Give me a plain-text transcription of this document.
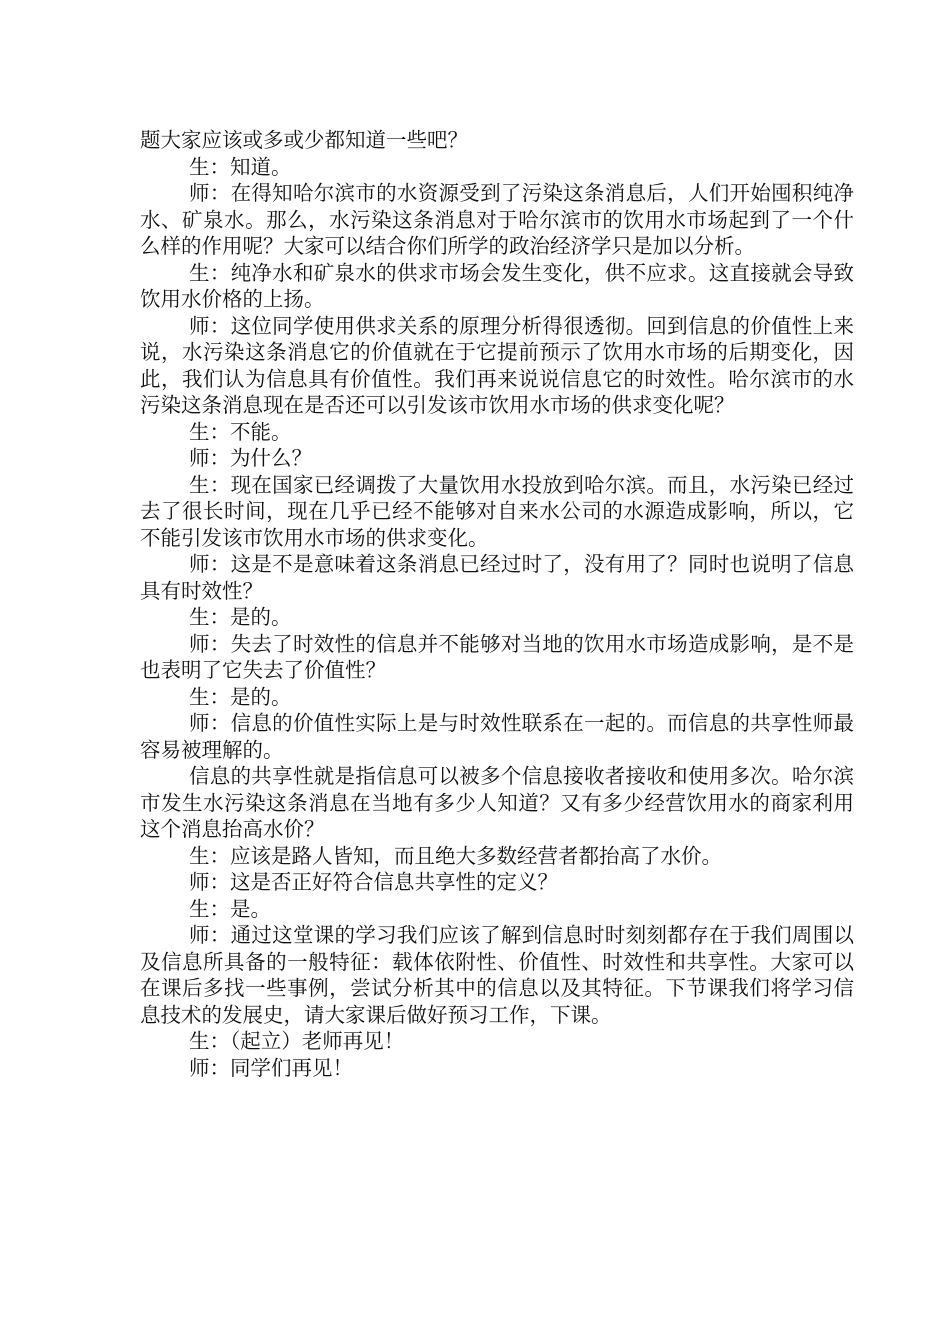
题大家应该或多或少都知道一些吧？

生：知道。

师：在得知哈尔滨市的水资源受到了污染这条消息后，人们开始囤积纯净水、矿泉水。那么，水污染这条消息对于哈尔滨市的饮用水市场起到了一个什么样的作用呢？大家可以结合你们所学的政治经济学只是加以分析。

生：纯净水和矿泉水的供求市场会发生变化，供不应求。这直接就会导致饮用水价格的上扬。

师：这位同学使用供求关系的原理分析得很透彻。回到信息的价值性上来说，水污染这条消息它的价值就在于它提前预示了饮用水市场的后期变化，因此，我们认为信息具有价值性。我们再来说说信息它的时效性。哈尔滨市的水污染这条消息现在是否还可以引发该市饮用水市场的供求变化呢？

生：不能。

师：为什么？

生：现在国家已经调拨了大量饮用水投放到哈尔滨。而且，水污染已经过去了很长时间，现在几乎已经不能够对自来水公司的水源造成影响，所以，它不能引发该市饮用水市场的供求变化。

师：这是不是意味着这条消息已经过时了，没有用了？同时也说明了信息具有时效性？

生：是的。

师：失去了时效性的信息并不能够对当地的饮用水市场造成影响，是不是也表明了它失去了价值性？

生：是的。

师：信息的价值性实际上是与时效性联系在一起的。而信息的共享性师最容易被理解的。

信息的共享性就是指信息可以被多个信息接收者接收和使用多次。哈尔滨市发生水污染这条消息在当地有多少人知道？又有多少经营饮用水的商家利用这个消息抬高水价？

生：应该是路人皆知，而且绝大多数经营者都抬高了水价。

师：这是否正好符合信息共享性的定义？

生：是。

师：通过这堂课的学习我们应该了解到信息时时刻刻都存在于我们周围以及信息所具备的一般特征：载体依附性、价值性、时效性和共享性。大家可以在课后多找一些事例，尝试分析其中的信息以及其特征。下节课我们将学习信息技术的发展史，请大家课后做好预习工作，下课。

生：（起立）老师再见！

师：同学们再见！
